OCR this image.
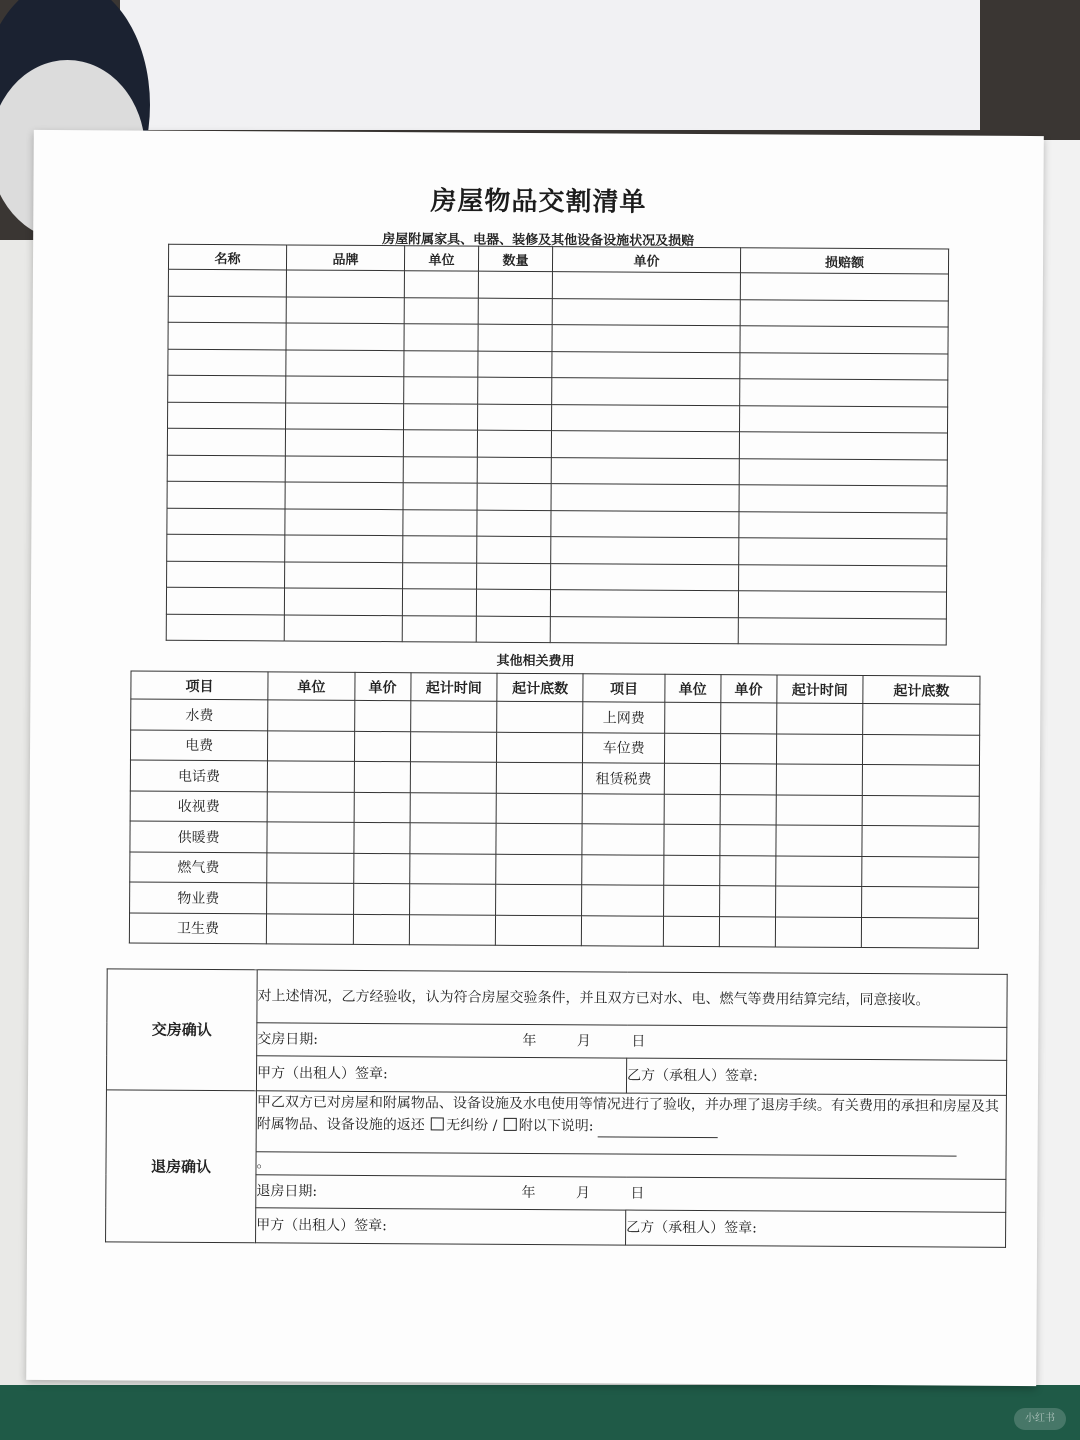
房屋物品交割清单
房屋附属家具、电器、装修及其他设备设施状况及损赔
名称	品牌	单位	数量	单价	损赔额

其他相关费用
项目	单位	单价	起计时间	起计底数	项目	单位	单价	起计时间	起计底数
水费					上网费				
电费					车位费				
电话费					租赁税费				
收视费									
供暖费									
燃气费									
物业费									
卫生费									
交房确认	对上述情况，乙方经验收，认为符合房屋交验条件，并且双方已对水、电、燃气等费用结算完结，同意接收。	
	交房日期: 年 月 日	
	甲方（出租人）签章:	乙方（承租人）签章:
退房确认	甲乙双方已对房屋和附属物品、设备设施及水电使用等情况进行了验收，并办理了退房手续。有关费用的承担和房屋及其附属物品、设备设施的返还 无纠纷 / 附以下说明:
。	
	退房日期: 年 月 日	
	甲方（出租人）签章:	乙方（承租人）签章:
小红书
